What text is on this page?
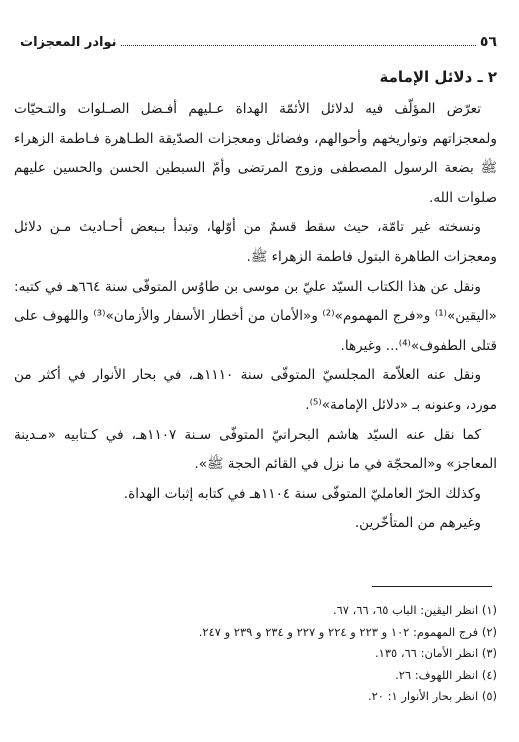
٥٦
نوادر المعجزات
٢ ـ دلائل الإمامة

تعرّض المؤلّف فيه لدلائل الأئمّة الهداة عـليهم أفـضل الصـلوات والتـحيّات ولمعجزاتهم وتواريخهم وأحوالهم، وفضائل ومعجزات الصدّيقة الطـاهرة فـاطمة الزهراء ﷺ بضعة الرسول المصطفى وزوج المرتضى وأمّ السبطين الحسن والحسين عليهم صلوات الله.

ونسخته غير تامّة، حيث سقط قسمٌ من أوّلها، وتبدأ بـبعض أحـاديث مـن دلائل ومعجزات الطاهرة البتول فاطمة الزهراء ﷺ.

ونقل عن هذا الكتاب السيّد عليّ بن موسى بن طاوُس المتوفّى سنة ٦٦٤هـ في كتبه: «اليقين»⁽¹⁾ و«فرج المهموم»⁽²⁾ و«الأمان من أخطار الأسفار والأزمان»⁽³⁾ واللهوف على قتلى الطفوف»⁽⁴⁾... وغيرها.

ونقل عنه العلاّمة المجلسيّ المتوفّى سنة ١١١٠هـ، في بحار الأنوار في أكثر من مورد، وعنونه بـ «دلائل الإمامة»⁽⁵⁾.

كما نقل عنه السيّد هاشم البحرانيّ المتوفّى سـنة ١١٠٧هـ، في كـتابيه «مـدينة المعاجز» و«المحجّة في ما نزل في القائم الحجة ﷺ».

وكذلك الحرّ العامليّ المتوفّى سنة ١١٠٤هـ في كتابه إثبات الهداة.

وغيرهم من المتأخّرين.

(١) انظر اليقين: الباب ٦٥، ٦٦، ٦٧.
(٢) فرج المهموم: ١٠٢ و ٢٢٣ و ٢٢٤ و ٢٢٧ و ٢٣٤ و ٢٣٩ و ٢٤٧.
(٣) انظر الأمان: ٦٦، ١٣٥.
(٤) انظر اللهوف: ٢٦.
(٥) انظر بحار الأنوار ١: ٢٠.
